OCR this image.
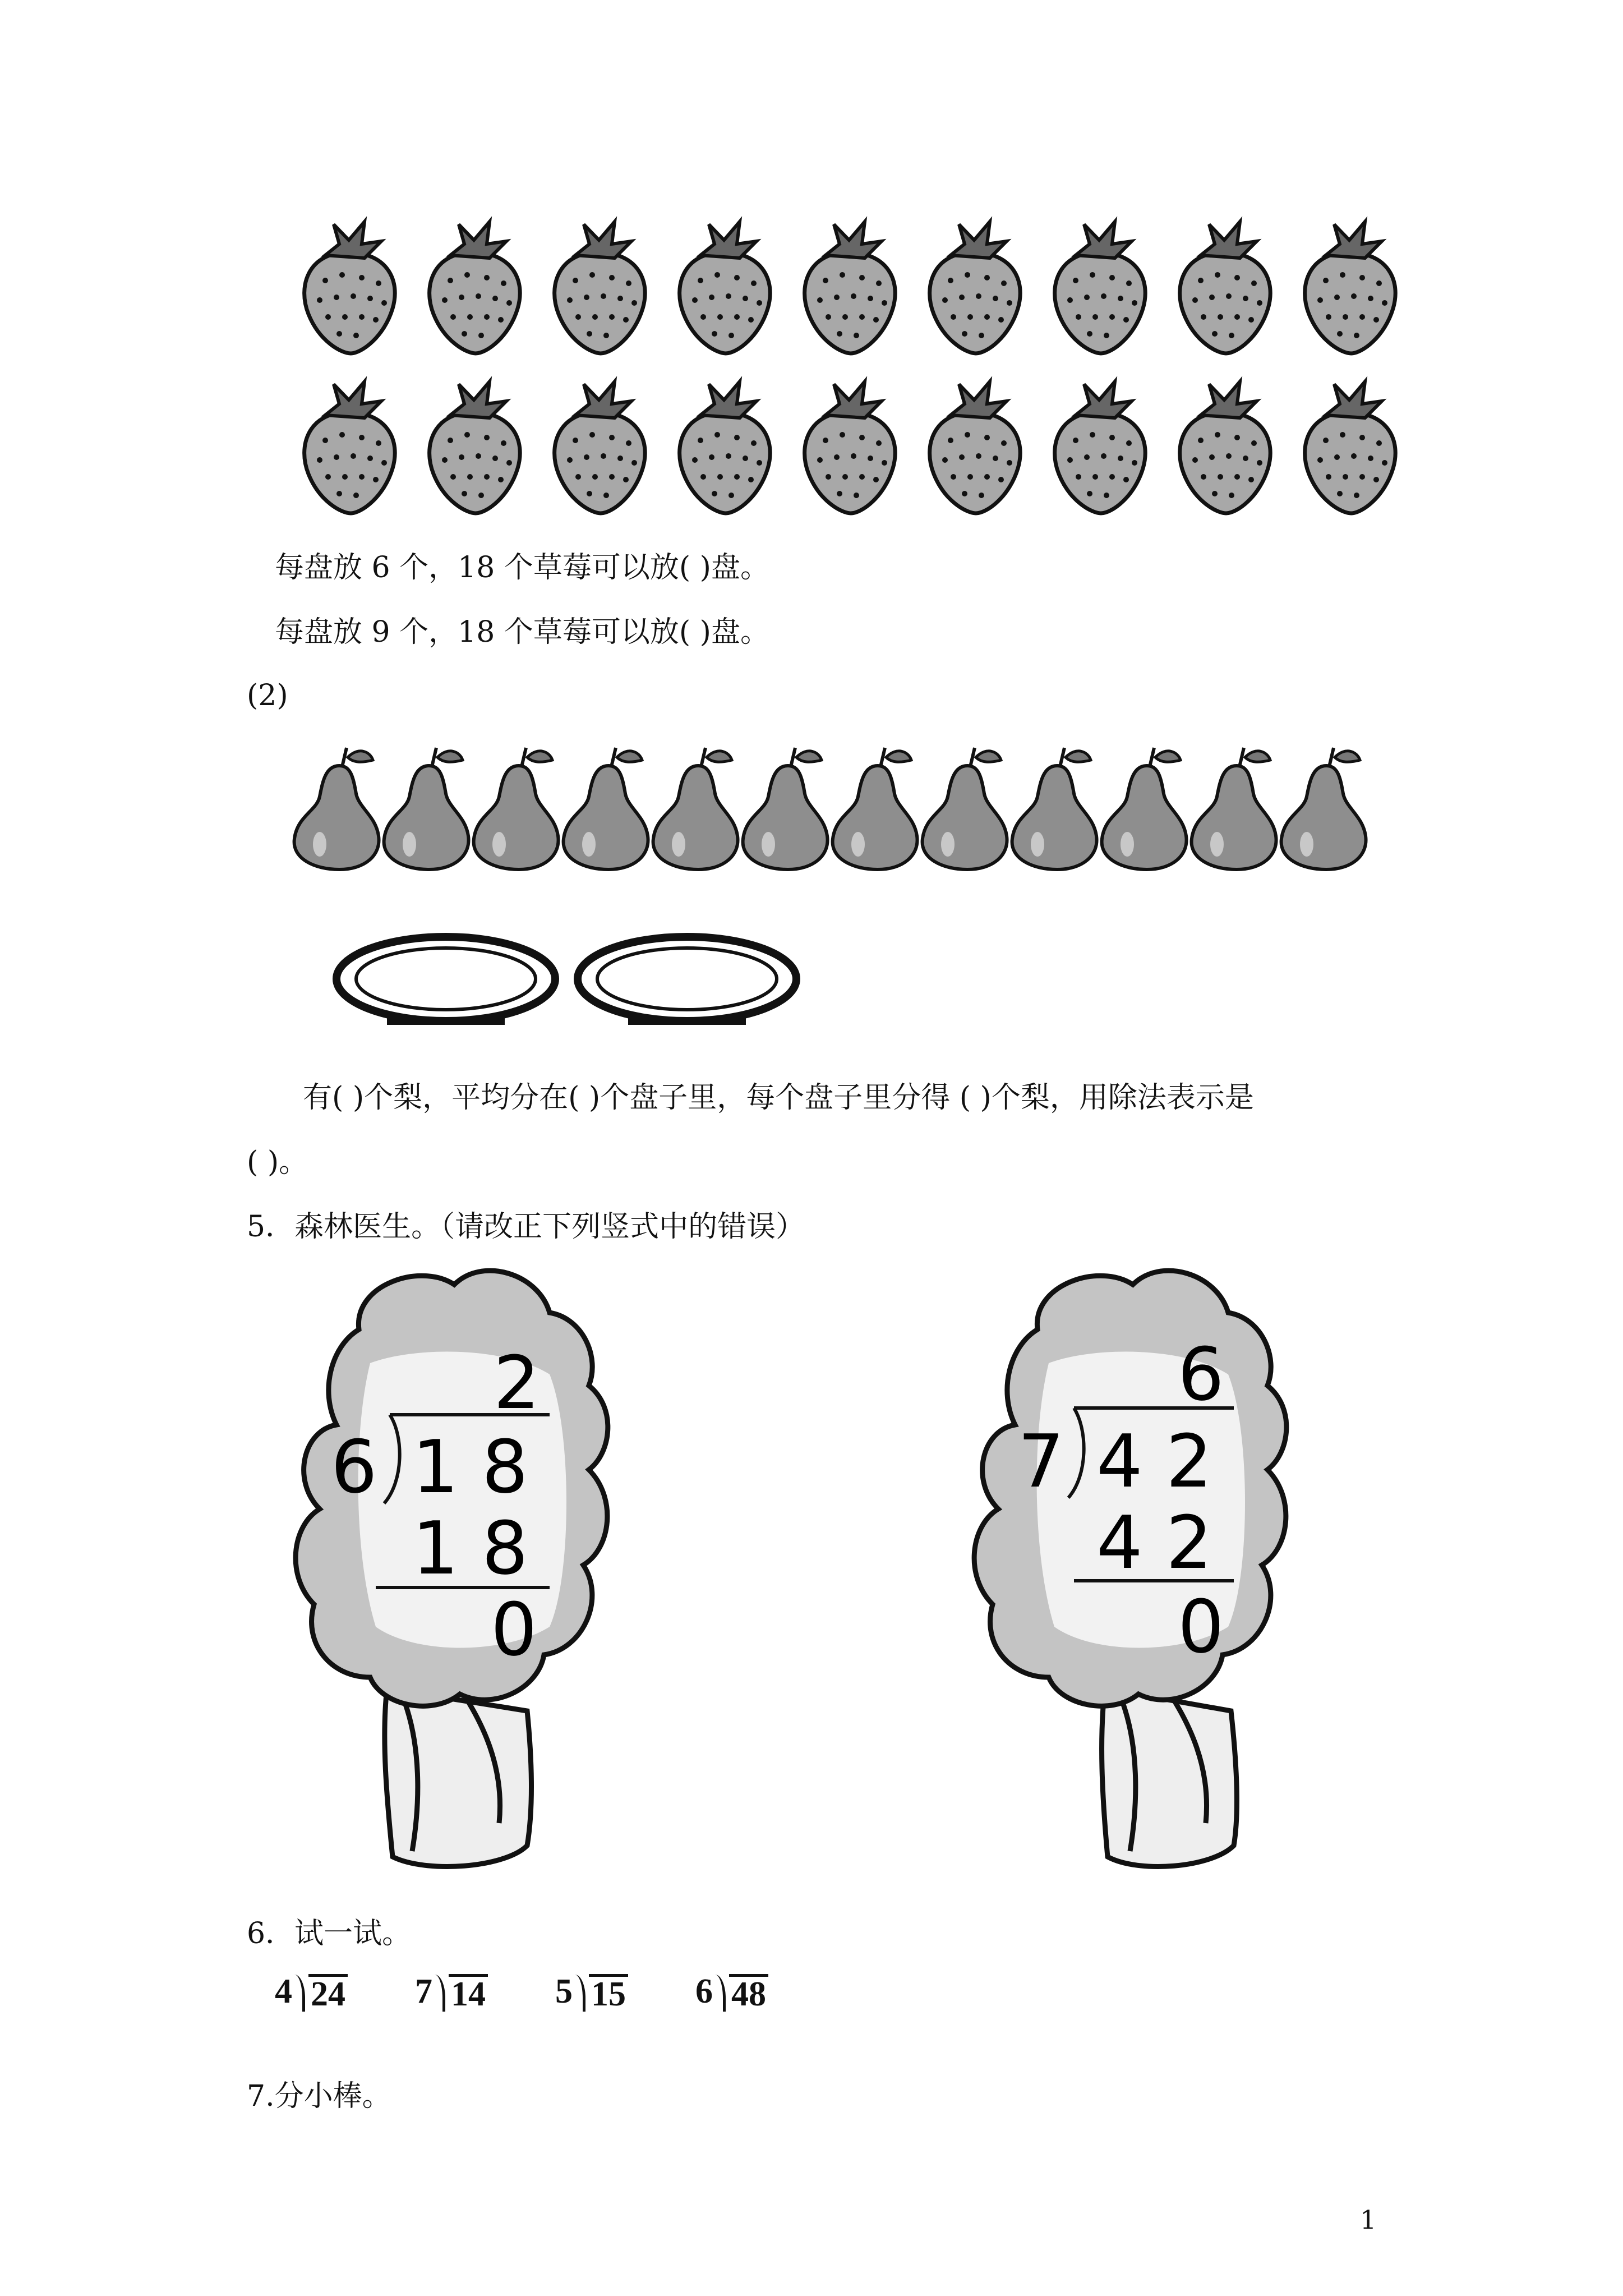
每盘放 6 个，18 个草莓可以放( )盘。
每盘放 9 个，18 个草莓可以放( )盘。
(2)
有( )个梨，平均分在( )个盘子里，每个盘子里分得 ( )个梨，用除法表示是
( )。
5．森林医生。（请改正下列竖式中的错误）
2
6 1 8
1 8
0
6
7 4 2
4 2
0
6．试一试。
4 24 7 14 5 15 6 48
7.分小棒。
1
